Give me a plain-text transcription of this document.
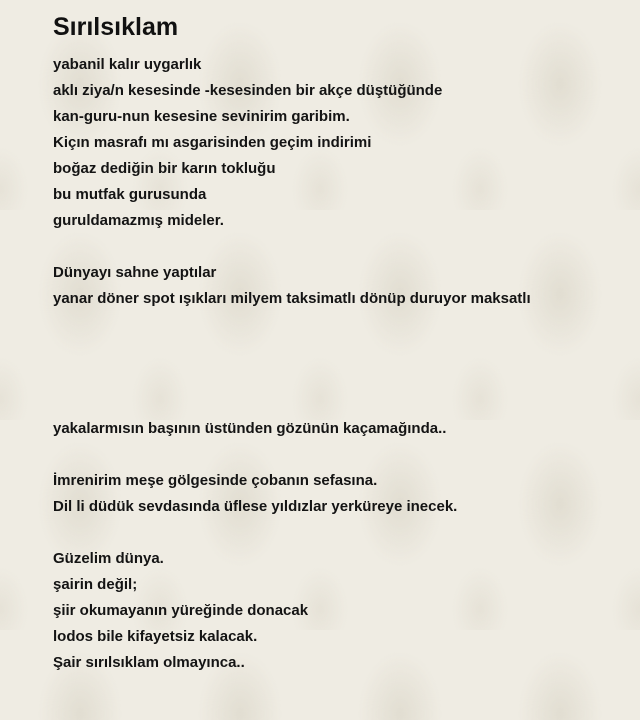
Sırılsıklam
yabanil kalır uygarlık
aklı ziya/n kesesinde -kesesinden bir akçe düştüğünde
kan-guru-nun kesesine sevinirim garibim.
Kiçın masrafı mı asgarisinden geçim indirimi
boğaz dediğin bir karın tokluğu
bu mutfak gurusunda
guruldamazmış mideler.
Dünyayı sahne yaptılar
yanar döner spot ışıkları milyem taksimatlı dönüp duruyor maksatlı
yakalarmısın başının üstünden gözünün kaçamağında..
İmrenirim meşe gölgesinde çobanın sefasına.
Dil li düdük sevdasında üflese yıldızlar yerküreye inecek.
Güzelim dünya.
şairin değil;
şiir okumayanın yüreğinde donacak
lodos bile kifayetsiz kalacak.
Şair sırılsıklam olmayınca..
